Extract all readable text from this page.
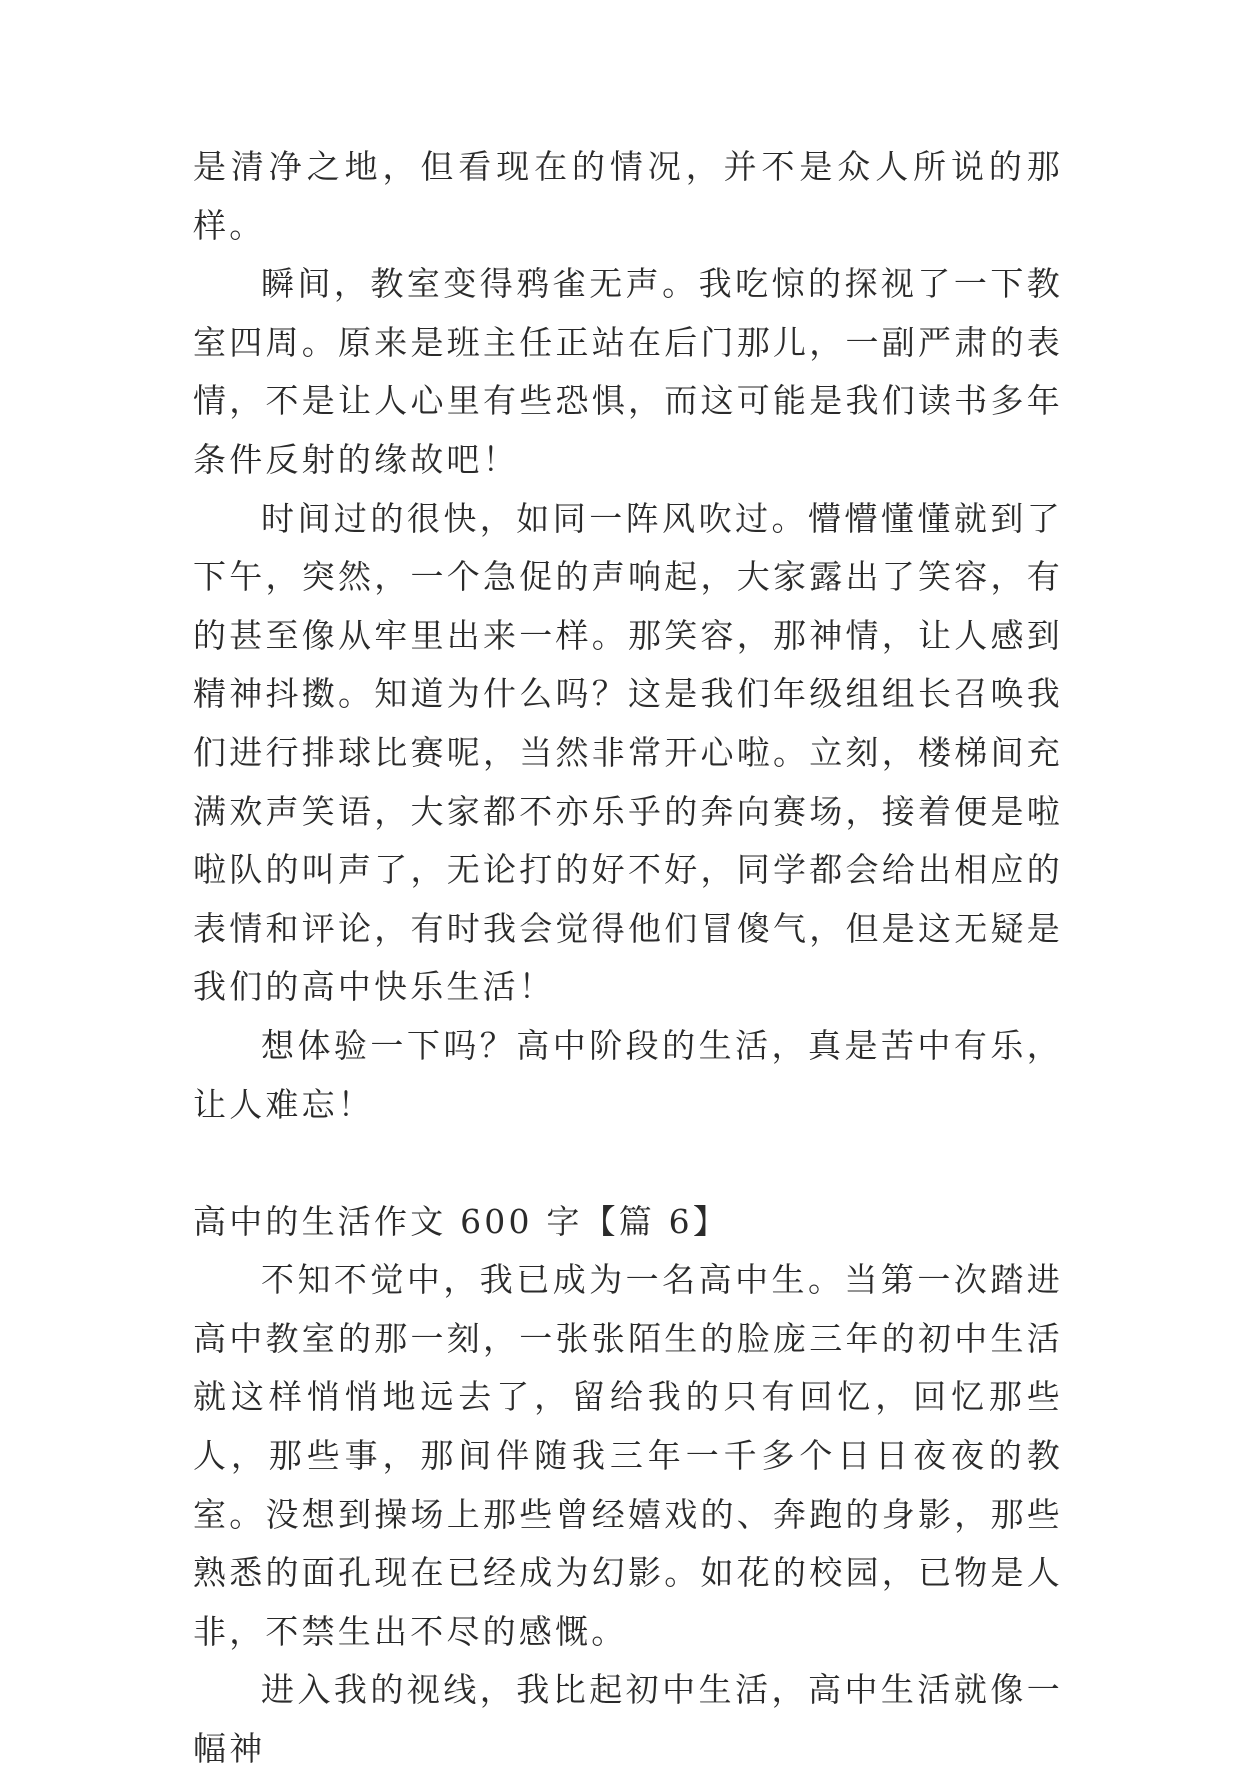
是清净之地，但看现在的情况，并不是众人所说的那样。

瞬间，教室变得鸦雀无声。我吃惊的探视了一下教室四周。原来是班主任正站在后门那儿，一副严肃的表情，不是让人心里有些恐惧，而这可能是我们读书多年条件反射的缘故吧！

时间过的很快，如同一阵风吹过。懵懵懂懂就到了下午，突然，一个急促的声响起，大家露出了笑容，有的甚至像从牢里出来一样。那笑容，那神情，让人感到精神抖擞。知道为什么吗？这是我们年级组组长召唤我们进行排球比赛呢，当然非常开心啦。立刻，楼梯间充满欢声笑语，大家都不亦乐乎的奔向赛场，接着便是啦啦队的叫声了，无论打的好不好，同学都会给出相应的表情和评论，有时我会觉得他们冒傻气，但是这无疑是我们的高中快乐生活！

想体验一下吗？高中阶段的生活，真是苦中有乐，让人难忘！

高中的生活作文 600 字【篇 6】

不知不觉中，我已成为一名高中生。当第一次踏进高中教室的那一刻，一张张陌生的脸庞三年的初中生活就这样悄悄地远去了，留给我的只有回忆，回忆那些人，那些事，那间伴随我三年一千多个日日夜夜的教室。没想到操场上那些曾经嬉戏的、奔跑的身影，那些熟悉的面孔现在已经成为幻影。如花的校园，已物是人非，不禁生出不尽的感慨。

进入我的视线，我比起初中生活，高中生活就像一幅神
